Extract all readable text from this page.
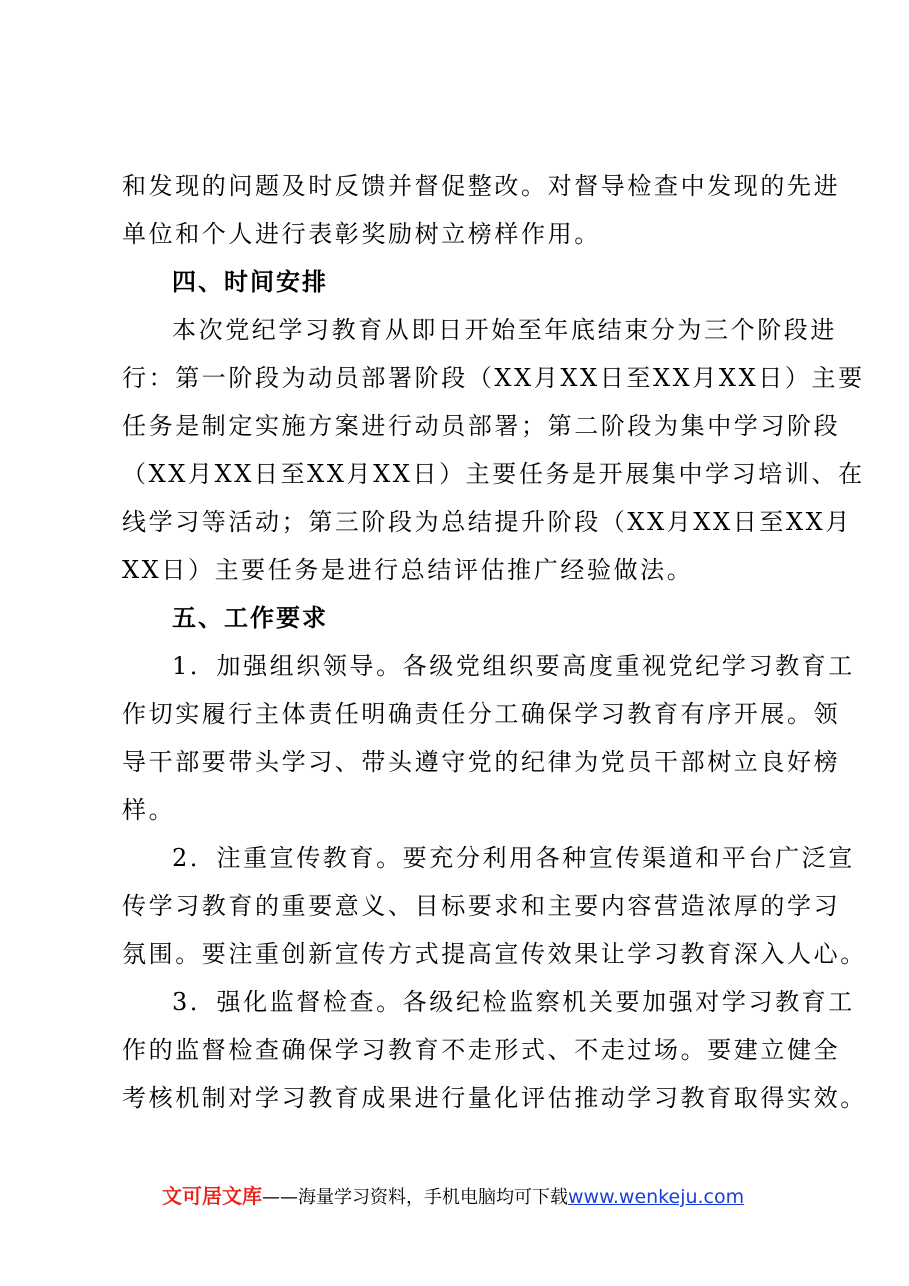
和发现的问题及时反馈并督促整改。对督导检查中发现的先进
单位和个人进行表彰奖励树立榜样作用。
四、时间安排
本次党纪学习教育从即日开始至年底结束分为三个阶段进
行：第一阶段为动员部署阶段（XX月XX日至XX月XX日）主要
任务是制定实施方案进行动员部署；第二阶段为集中学习阶段
（XX月XX日至XX月XX日）主要任务是开展集中学习培训、在
线学习等活动；第三阶段为总结提升阶段（XX月XX日至XX月
XX日）主要任务是进行总结评估推广经验做法。
五、工作要求
1．加强组织领导。各级党组织要高度重视党纪学习教育工
作切实履行主体责任明确责任分工确保学习教育有序开展。领
导干部要带头学习、带头遵守党的纪律为党员干部树立良好榜
样。
2．注重宣传教育。要充分利用各种宣传渠道和平台广泛宣
传学习教育的重要意义、目标要求和主要内容营造浓厚的学习
氛围。要注重创新宣传方式提高宣传效果让学习教育深入人心。
3．强化监督检查。各级纪检监察机关要加强对学习教育工
作的监督检查确保学习教育不走形式、不走过场。要建立健全
考核机制对学习教育成果进行量化评估推动学习教育取得实效。
文可居文库——海量学习资料，手机电脑均可下载www.wenkeju.com
